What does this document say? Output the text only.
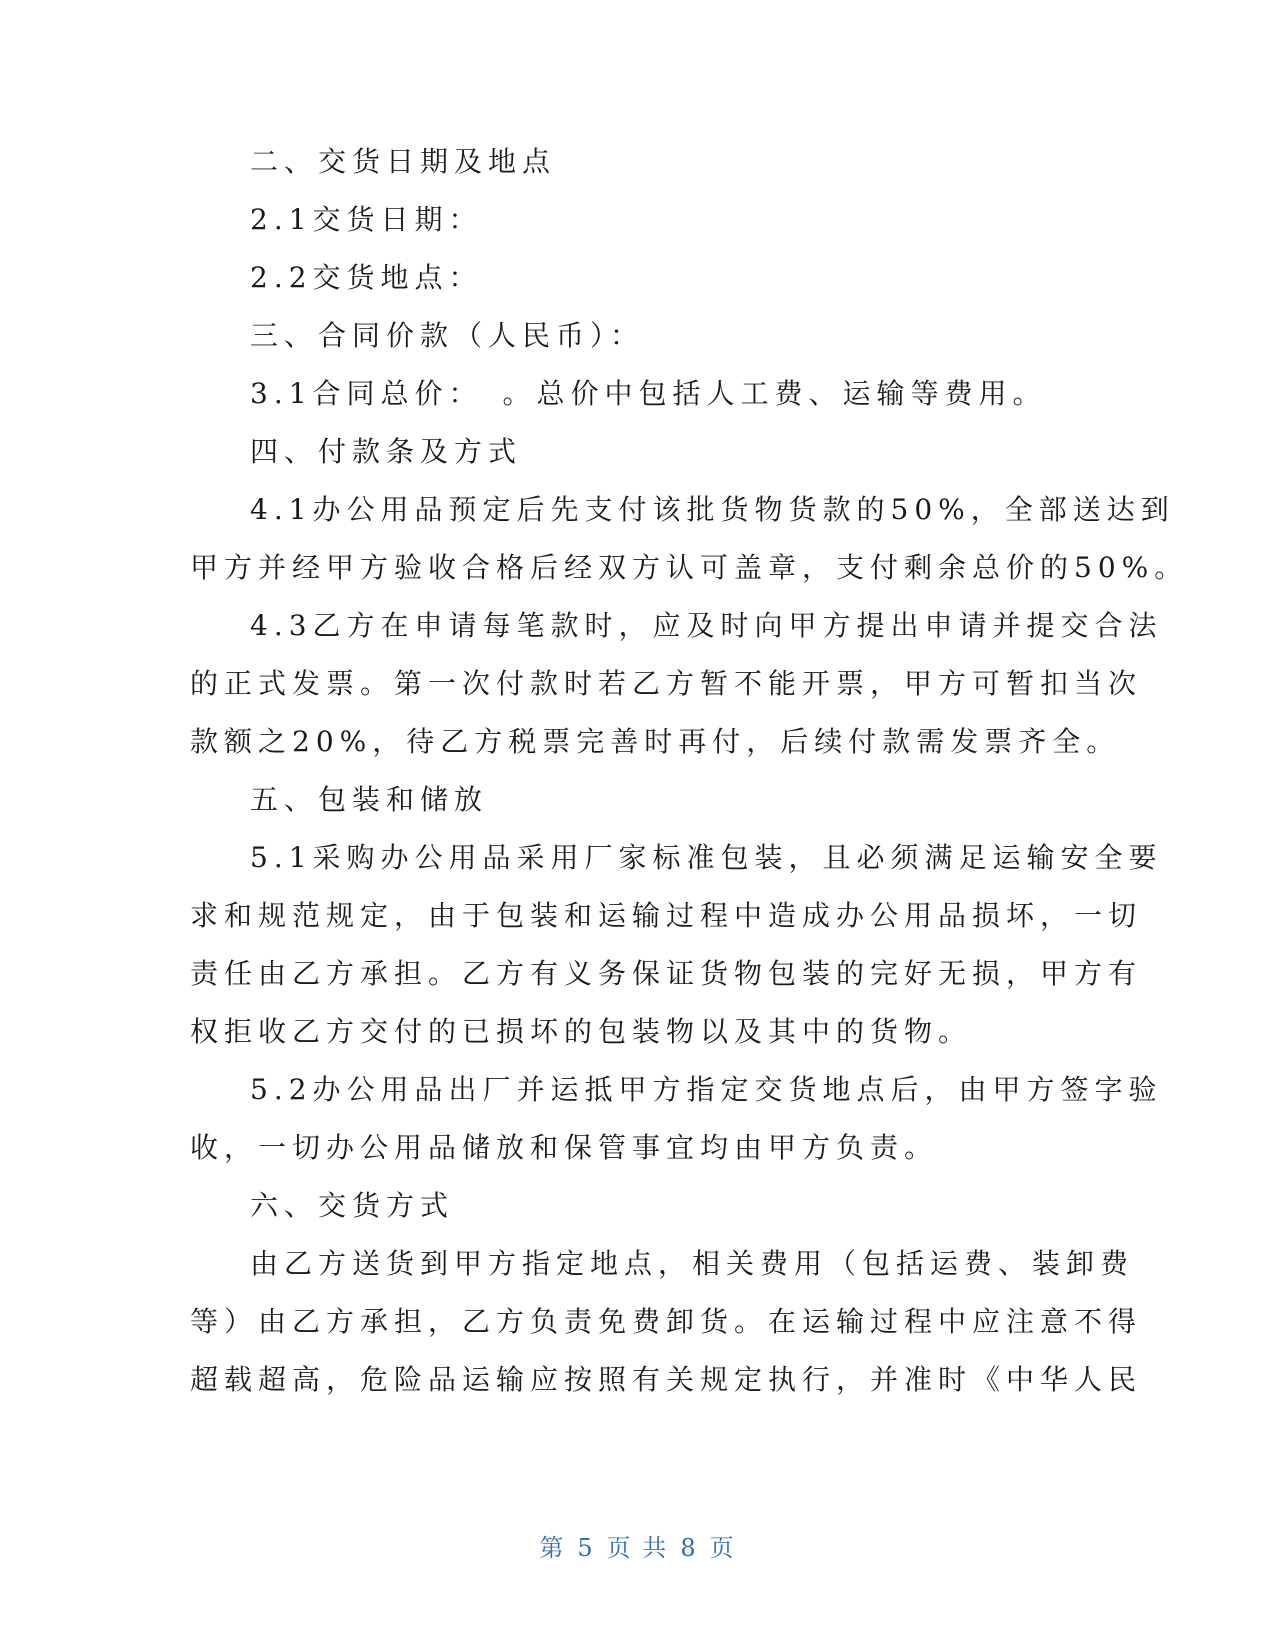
二、交货日期及地点
2.1交货日期：
2.2交货地点：
三、合同价款（人民币）：
3.1合同总价：　。总价中包括人工费、运输等费用。
四、付款条及方式
4.1办公用品预定后先支付该批货物货款的50%，全部送达到
甲方并经甲方验收合格后经双方认可盖章，支付剩余总价的50%。
4.3乙方在申请每笔款时，应及时向甲方提出申请并提交合法
的正式发票。第一次付款时若乙方暂不能开票，甲方可暂扣当次
款额之20%，待乙方税票完善时再付，后续付款需发票齐全。
五、包装和储放
5.1采购办公用品采用厂家标准包装，且必须满足运输安全要
求和规范规定，由于包装和运输过程中造成办公用品损坏，一切
责任由乙方承担。乙方有义务保证货物包装的完好无损，甲方有
权拒收乙方交付的已损坏的包装物以及其中的货物。
5.2办公用品出厂并运抵甲方指定交货地点后，由甲方签字验
收，一切办公用品储放和保管事宜均由甲方负责。
六、交货方式
由乙方送货到甲方指定地点，相关费用（包括运费、装卸费
等）由乙方承担，乙方负责免费卸货。在运输过程中应注意不得
超载超高，危险品运输应按照有关规定执行，并准时《中华人民
第 5 页 共 8 页
